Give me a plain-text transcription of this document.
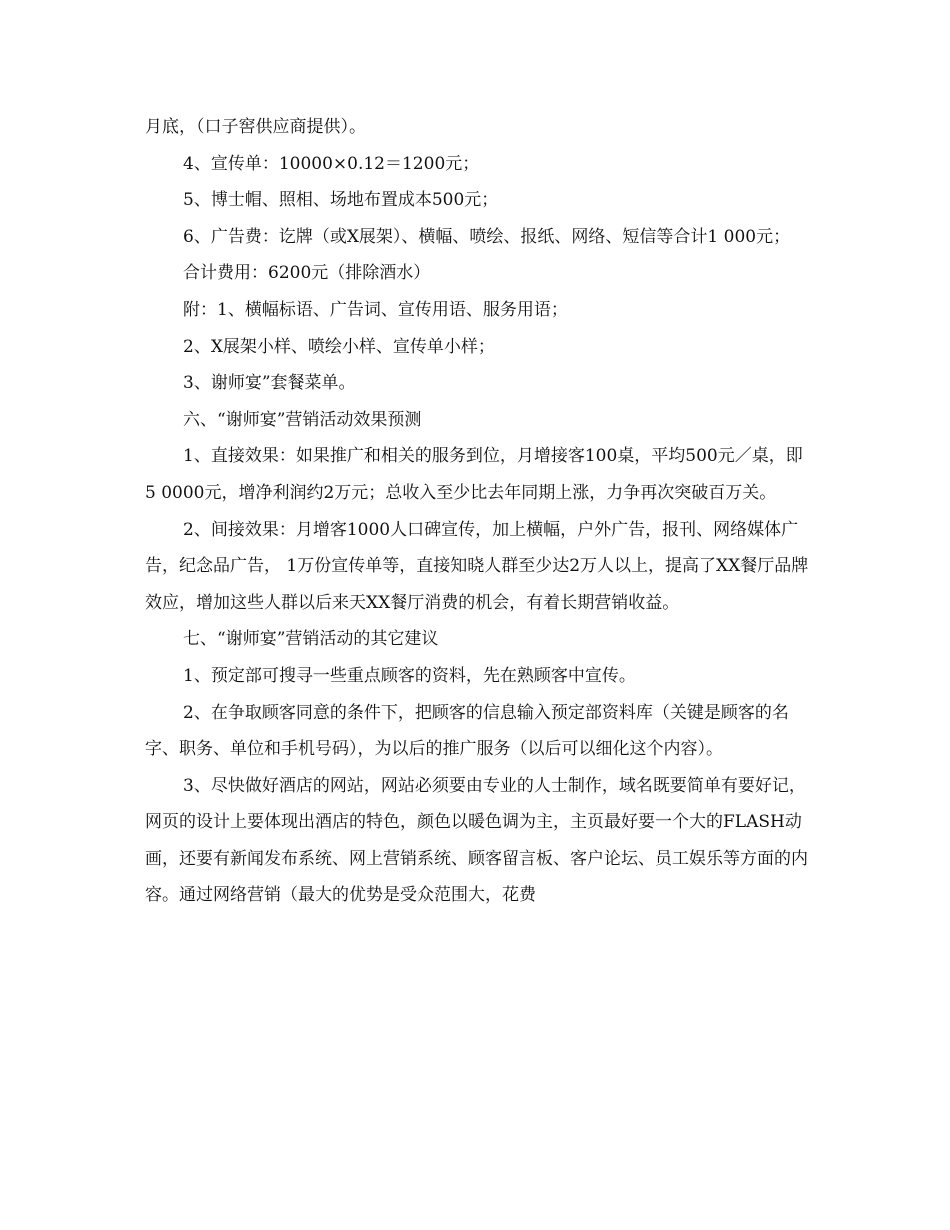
月底，（口子窖供应商提供）。

4、宣传单：10000×0.12＝1200元；

5、博士帽、照相、场地布置成本500元；

6、广告费：讫牌（或X展架）、横幅、喷绘、报纸、网络、短信等合计1 000元；

合计费用：6200元（排除酒水）

附：1、横幅标语、广告词、宣传用语、服务用语；

2、X展架小样、喷绘小样、宣传单小样；

3、谢师宴”套餐菜单。

六、“谢师宴”营销活动效果预测

1、直接效果：如果推广和相关的服务到位，月增接客100桌，平均500元／桌，即5 0000元，增净利润约2万元；总收入至少比去年同期上涨，力争再次突破百万关。

2、间接效果：月增客1000人口碑宣传，加上横幅，户外广告，报刊、网络媒体广告，纪念品广告， 1万份宣传单等，直接知晓人群至少达2万人以上，提高了XX餐厅品牌效应，增加这些人群以后来天XX餐厅消费的机会，有着长期营销收益。

七、“谢师宴”营销活动的其它建议

1、预定部可搜寻一些重点顾客的资料，先在熟顾客中宣传。

2、在争取顾客同意的条件下，把顾客的信息输入预定部资料库（关键是顾客的名字、职务、单位和手机号码），为以后的推广服务（以后可以细化这个内容）。

3、尽快做好酒店的网站，网站必须要由专业的人士制作，域名既要简单有要好记，网页的设计上要体现出酒店的特色，颜色以暖色调为主，主页最好要一个大的FLASH动画，还要有新闻发布系统、网上营销系统、顾客留言板、客户论坛、员工娱乐等方面的内容。通过网络营销（最大的优势是受众范围大，花费
